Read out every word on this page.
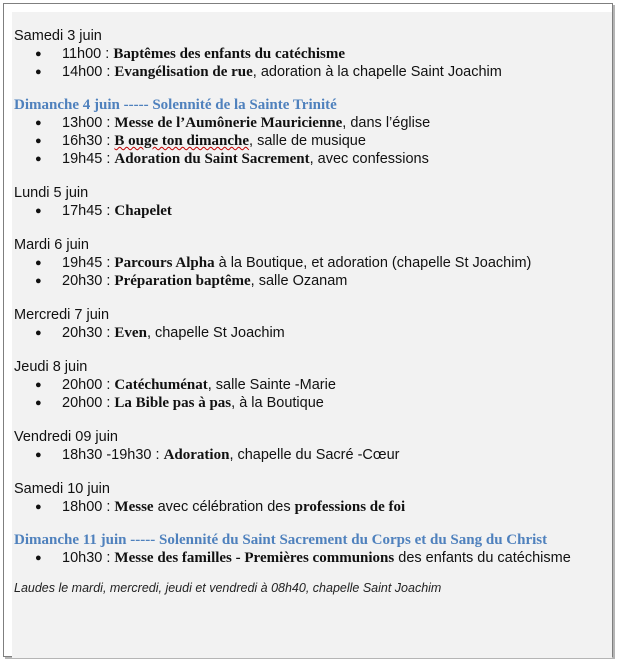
Samedi 3 juin
● 11h00 : Baptêmes des enfants du catéchisme
● 14h00 : Evangélisation de rue, adoration à la chapelle Saint Joachim
Dimanche 4 juin ----- Solennité de la Sainte Trinité
● 13h00 : Messe de l’Aumônerie Mauricienne, dans l’église
● 16h30 : B ouge ton dimanche, salle de musique
● 19h45 : Adoration du Saint Sacrement, avec confessions
Lundi 5 juin
● 17h45 : Chapelet
Mardi 6 juin
● 19h45 : Parcours Alpha à la Boutique, et adoration (chapelle St Joachim)
● 20h30 : Préparation baptême, salle Ozanam
Mercredi 7 juin
● 20h30 : Even, chapelle St Joachim
Jeudi 8 juin
● 20h00 : Catéchuménat, salle Sainte -Marie
● 20h00 : La Bible pas à pas, à la Boutique
Vendredi 09 juin
● 18h30 -19h30 : Adoration, chapelle du Sacré -Cœur
Samedi 10 juin
● 18h00 : Messe avec célébration des professions de foi
Dimanche 11 juin ----- Solennité du Saint Sacrement du Corps et du Sang du Christ
● 10h30 : Messe des familles - Premières communions des enfants du catéchisme
Laudes le mardi, mercredi, jeudi et vendredi à 08h40, chapelle Saint Joachim
